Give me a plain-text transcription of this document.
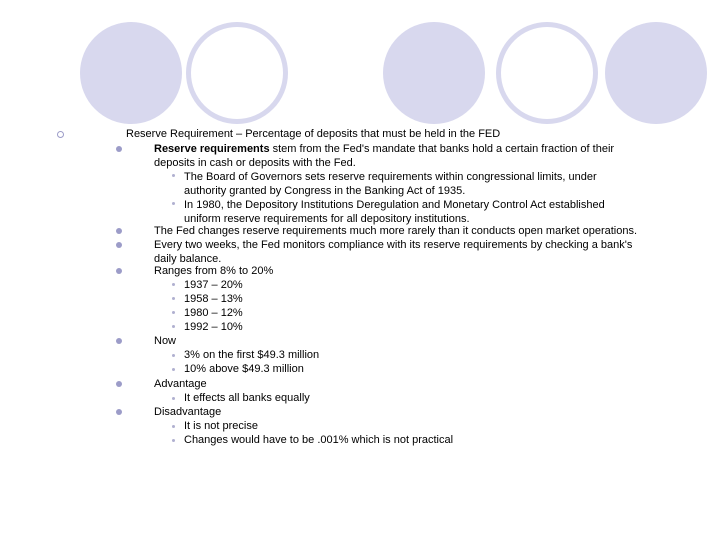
Reserve Requirement – Percentage of deposits that must be held in the FED
Reserve requirements stem from the Fed's mandate that banks hold a certain fraction of their
deposits in cash or deposits with the Fed.
The Board of Governors sets reserve requirements within congressional limits, under
authority granted by Congress in the Banking Act of 1935.
In 1980, the Depository Institutions Deregulation and Monetary Control Act established
uniform reserve requirements for all depository institutions.
The Fed changes reserve requirements much more rarely than it conducts open market operations.
Every two weeks, the Fed monitors compliance with its reserve requirements by checking a bank's
daily balance.
Ranges from 8% to 20%
1937 – 20%
1958 – 13%
1980 – 12%
1992 – 10%
Now
3% on the first $49.3 million
10% above $49.3 million
Advantage
It effects all banks equally
Disadvantage
It is not precise
Changes would have to be .001% which is not practical
